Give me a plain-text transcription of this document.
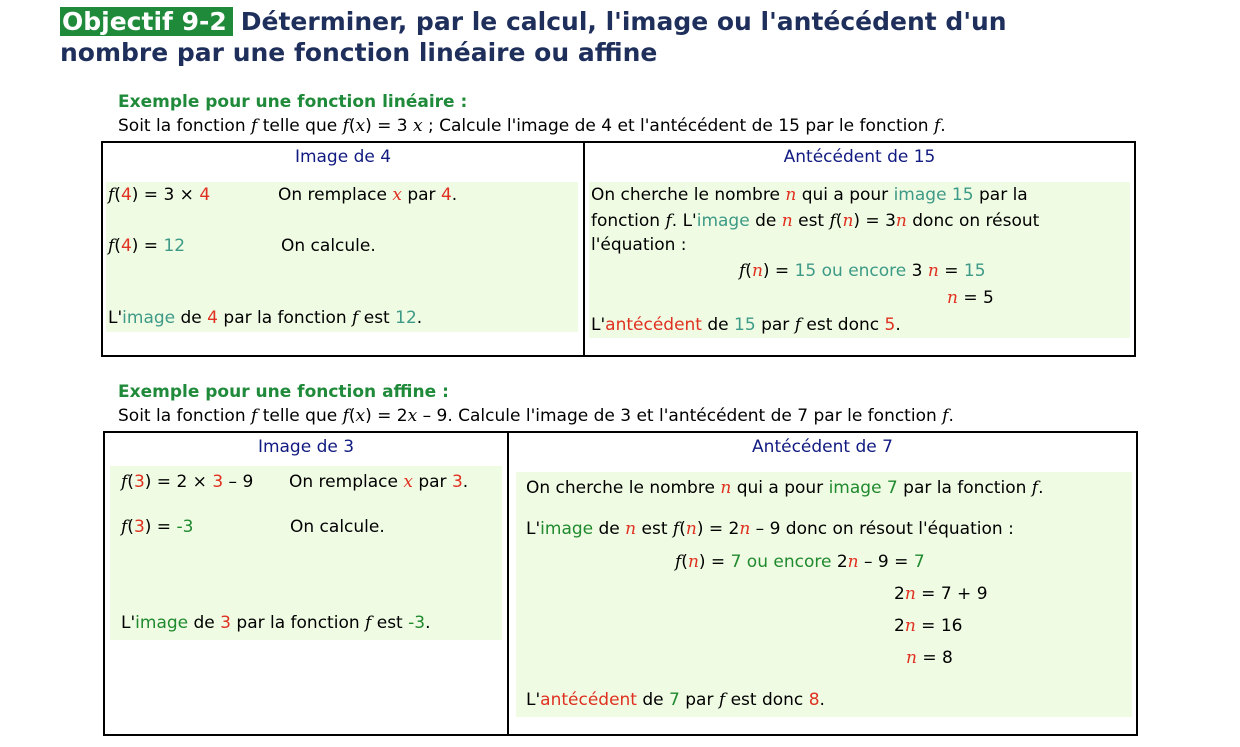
Objectif 9-2 Déterminer, par le calcul, l'image ou l'antécédent d'un
nombre par une fonction linéaire ou affine
Exemple pour une fonction linéaire :
Soit la fonction f telle que f(x) = 3 x ; Calcule l'image de 4 et l'antécédent de 15 par le fonction f.
Image de 4	Antécédent de 15
f(4) = 3 × 4	On remplace x par 4.
f(4) = 12	On calcule.
L'image de 4 par la fonction f est 12.
On cherche le nombre n qui a pour image 15 par la
fonction f. L'image de n est f(n) = 3n donc on résout
l'équation :
f(n) = 15 ou encore 3 n = 15
n = 5
L'antécédent de 15 par f est donc 5.
Exemple pour une fonction affine :
Soit la fonction f telle que f(x) = 2x – 9. Calcule l'image de 3 et l'antécédent de 7 par le fonction f.
Image de 3	Antécédent de 7
f(3) = 2 × 3 – 9 On remplace x par 3.
f(3) = -3	On calcule.
L'image de 3 par la fonction f est -3.
On cherche le nombre n qui a pour image 7 par la fonction f.
L'image de n est f(n) = 2n – 9 donc on résout l'équation :
f(n) = 7 ou encore 2n – 9 = 7
2n = 7 + 9
2n = 16
n = 8
L'antécédent de 7 par f est donc 8.
